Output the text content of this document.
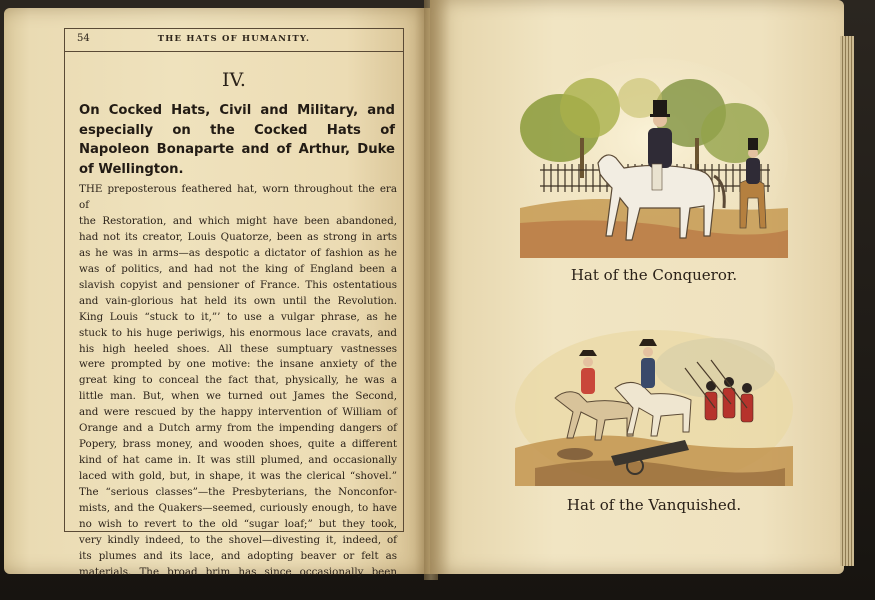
54	THE HATS OF HUMANITY.
IV.
On Cocked Hats, Civil and Military, and especially on the Cocked Hats of Napoleon Bonaparte and of Arthur, Duke of Wellington.
THE preposterous feathered hat, worn throughout the era of
the Restoration, and which might have been abandoned,
had not its creator, Louis Quatorze, been as strong in arts
as he was in arms—as despotic a dictator of fashion as he
was of politics, and had not the king of England been a
slavish copyist and pensioner of France. This ostentatious
and vain-glorious hat held its own until the Revolution.
King Louis “stuck to it,”’ to use a vulgar phrase, as he
stuck to his huge periwigs, his enormous lace cravats, and
his high heeled shoes. All these sumptuary vastnesses
were prompted by one motive: the insane anxiety of the
great king to conceal the fact that, physically, he was a
little man. But, when we turned out James the Second,
and were rescued by the happy intervention of William of
Orange and a Dutch army from the impending dangers of
Popery, brass money, and wooden shoes, quite a different
kind of hat came in. It was still plumed, and occasionally
laced with gold, but, in shape, it was the clerical “shovel.”
The “serious classes”—the Presbyterians, the Nonconfor-
mists, and the Quakers—seemed, curiously enough, to have
no wish to revert to the old “sugar loaf;” but they took,
very kindly indeed, to the shovel—divesting it, indeed, of
its plumes and its lace, and adopting beaver or felt as
materials. The broad brim has since occasionally been
Hat of the Conqueror.
Hat of the Vanquished.
